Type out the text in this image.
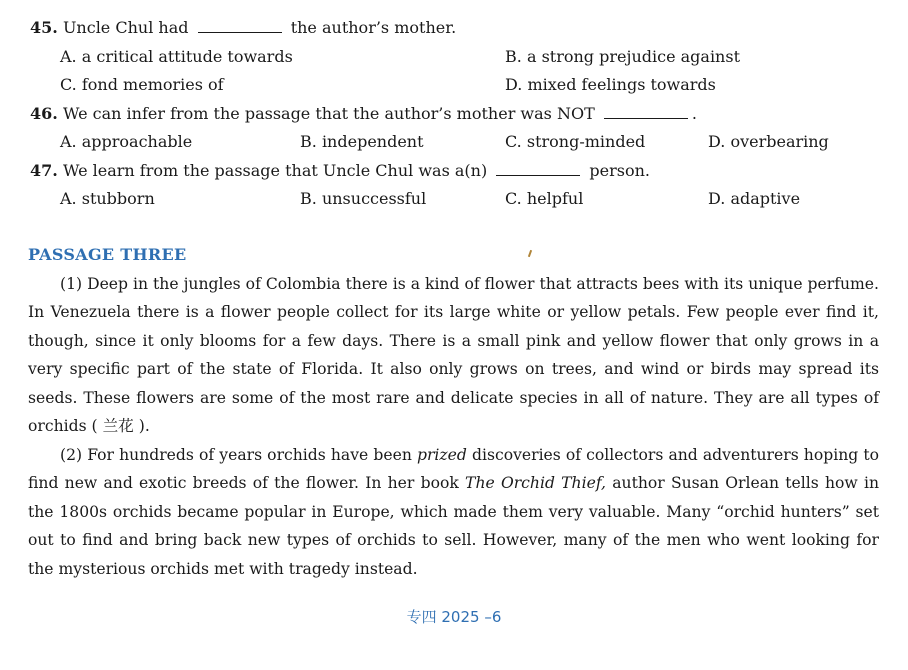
45. Uncle Chul had	the author’s mother.
A. a critical attitude towards	B. a strong prejudice against
C. fond memories of	D. mixed feelings towards
46. We can infer from the passage that the author’s mother was NOT	.
A. approachable	B. independent	C. strong-minded	D. overbearing
47. We learn from the passage that Uncle Chul was a(n)	person.
A. stubborn	B. unsuccessful	C. helpful	D. adaptive
PASSAGE THREE

(1) Deep in the jungles of Colombia there is a kind of flower that attracts bees with its unique perfume. In Venezuela there is a flower people collect for its large white or yellow petals. Few people ever find it, though, since it only blooms for a few days. There is a small pink and yellow flower that only grows in a very specific part of the state of Florida. It also only grows on trees, and wind or birds may spread its seeds. These flowers are some of the most rare and delicate species in all of nature. They are all types of orchids ( 兰花 ).

(2) For hundreds of years orchids have been prized discoveries of collectors and adventurers hoping to find new and exotic breeds of the flower. In her book The Orchid Thief, author Susan Orlean tells how in the 1800s orchids became popular in Europe, which made them very valuable. Many “orchid hunters” set out to find and bring back new types of orchids to sell. However, many of the men who went looking for the mysterious orchids met with tragedy instead.

专四 2025 –6
